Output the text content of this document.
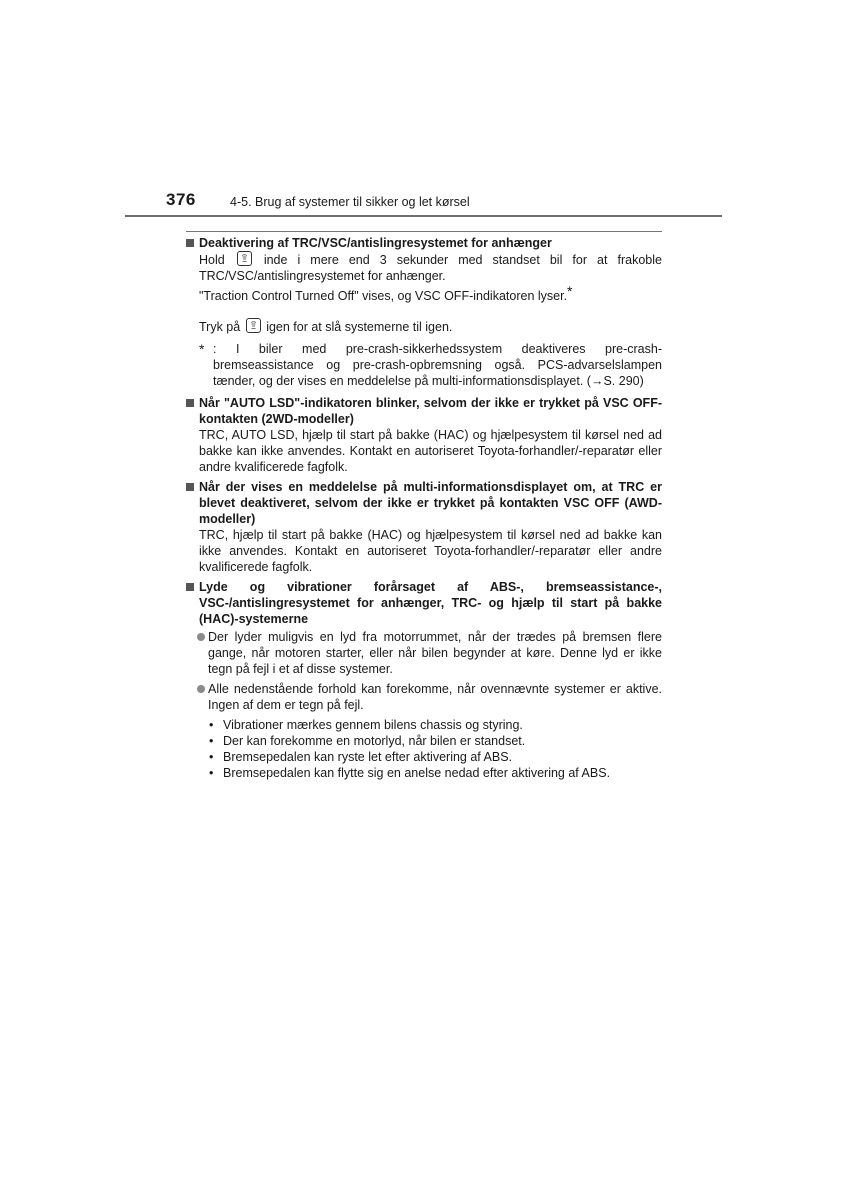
376	4-5. Brug af systemer til sikker og let kørsel
Deaktivering af TRC/VSC/antislingresystemet for anhænger
Hold	inde i mere end 3 sekunder med standset bil for at frakoble TRC/VSC/antislingresystemet for anhænger.
"Traction Control Turned Off" vises, og VSC OFF-indikatoren lyser.*
Tryk på igen for at slå systemerne til igen.
* : I biler med pre-crash-sikkerhedssystem deaktiveres pre-crash-bremseassistance og pre-crash-opbremsning også. PCS-advarselslampen tænder, og der vises en meddelelse på multi-informationsdisplayet. (→S. 290)
Når "AUTO LSD"-indikatoren blinker, selvom der ikke er trykket på VSC OFF-kontakten (2WD-modeller)
TRC, AUTO LSD, hjælp til start på bakke (HAC) og hjælpesystem til kørsel ned ad bakke kan ikke anvendes. Kontakt en autoriseret Toyota-forhandler/-reparatør eller andre kvalificerede fagfolk.
Når der vises en meddelelse på multi-informationsdisplayet om, at TRC er blevet deaktiveret, selvom der ikke er trykket på kontakten VSC OFF (AWD-modeller)
TRC, hjælp til start på bakke (HAC) og hjælpesystem til kørsel ned ad bakke kan ikke anvendes. Kontakt en autoriseret Toyota-forhandler/-reparatør eller andre kvalificerede fagfolk.
Lyde og vibrationer forårsaget af ABS-, bremseassistance-, VSC-/antislingresystemet for anhænger, TRC- og hjælp til start på bakke (HAC)-systemerne
Der lyder muligvis en lyd fra motorrummet, når der trædes på bremsen flere gange, når motoren starter, eller når bilen begynder at køre. Denne lyd er ikke tegn på fejl i et af disse systemer.
Alle nedenstående forhold kan forekomme, når ovennævnte systemer er aktive. Ingen af dem er tegn på fejl.
• Vibrationer mærkes gennem bilens chassis og styring.
• Der kan forekomme en motorlyd, når bilen er standset.
• Bremsepedalen kan ryste let efter aktivering af ABS.
• Bremsepedalen kan flytte sig en anelse nedad efter aktivering af ABS.
